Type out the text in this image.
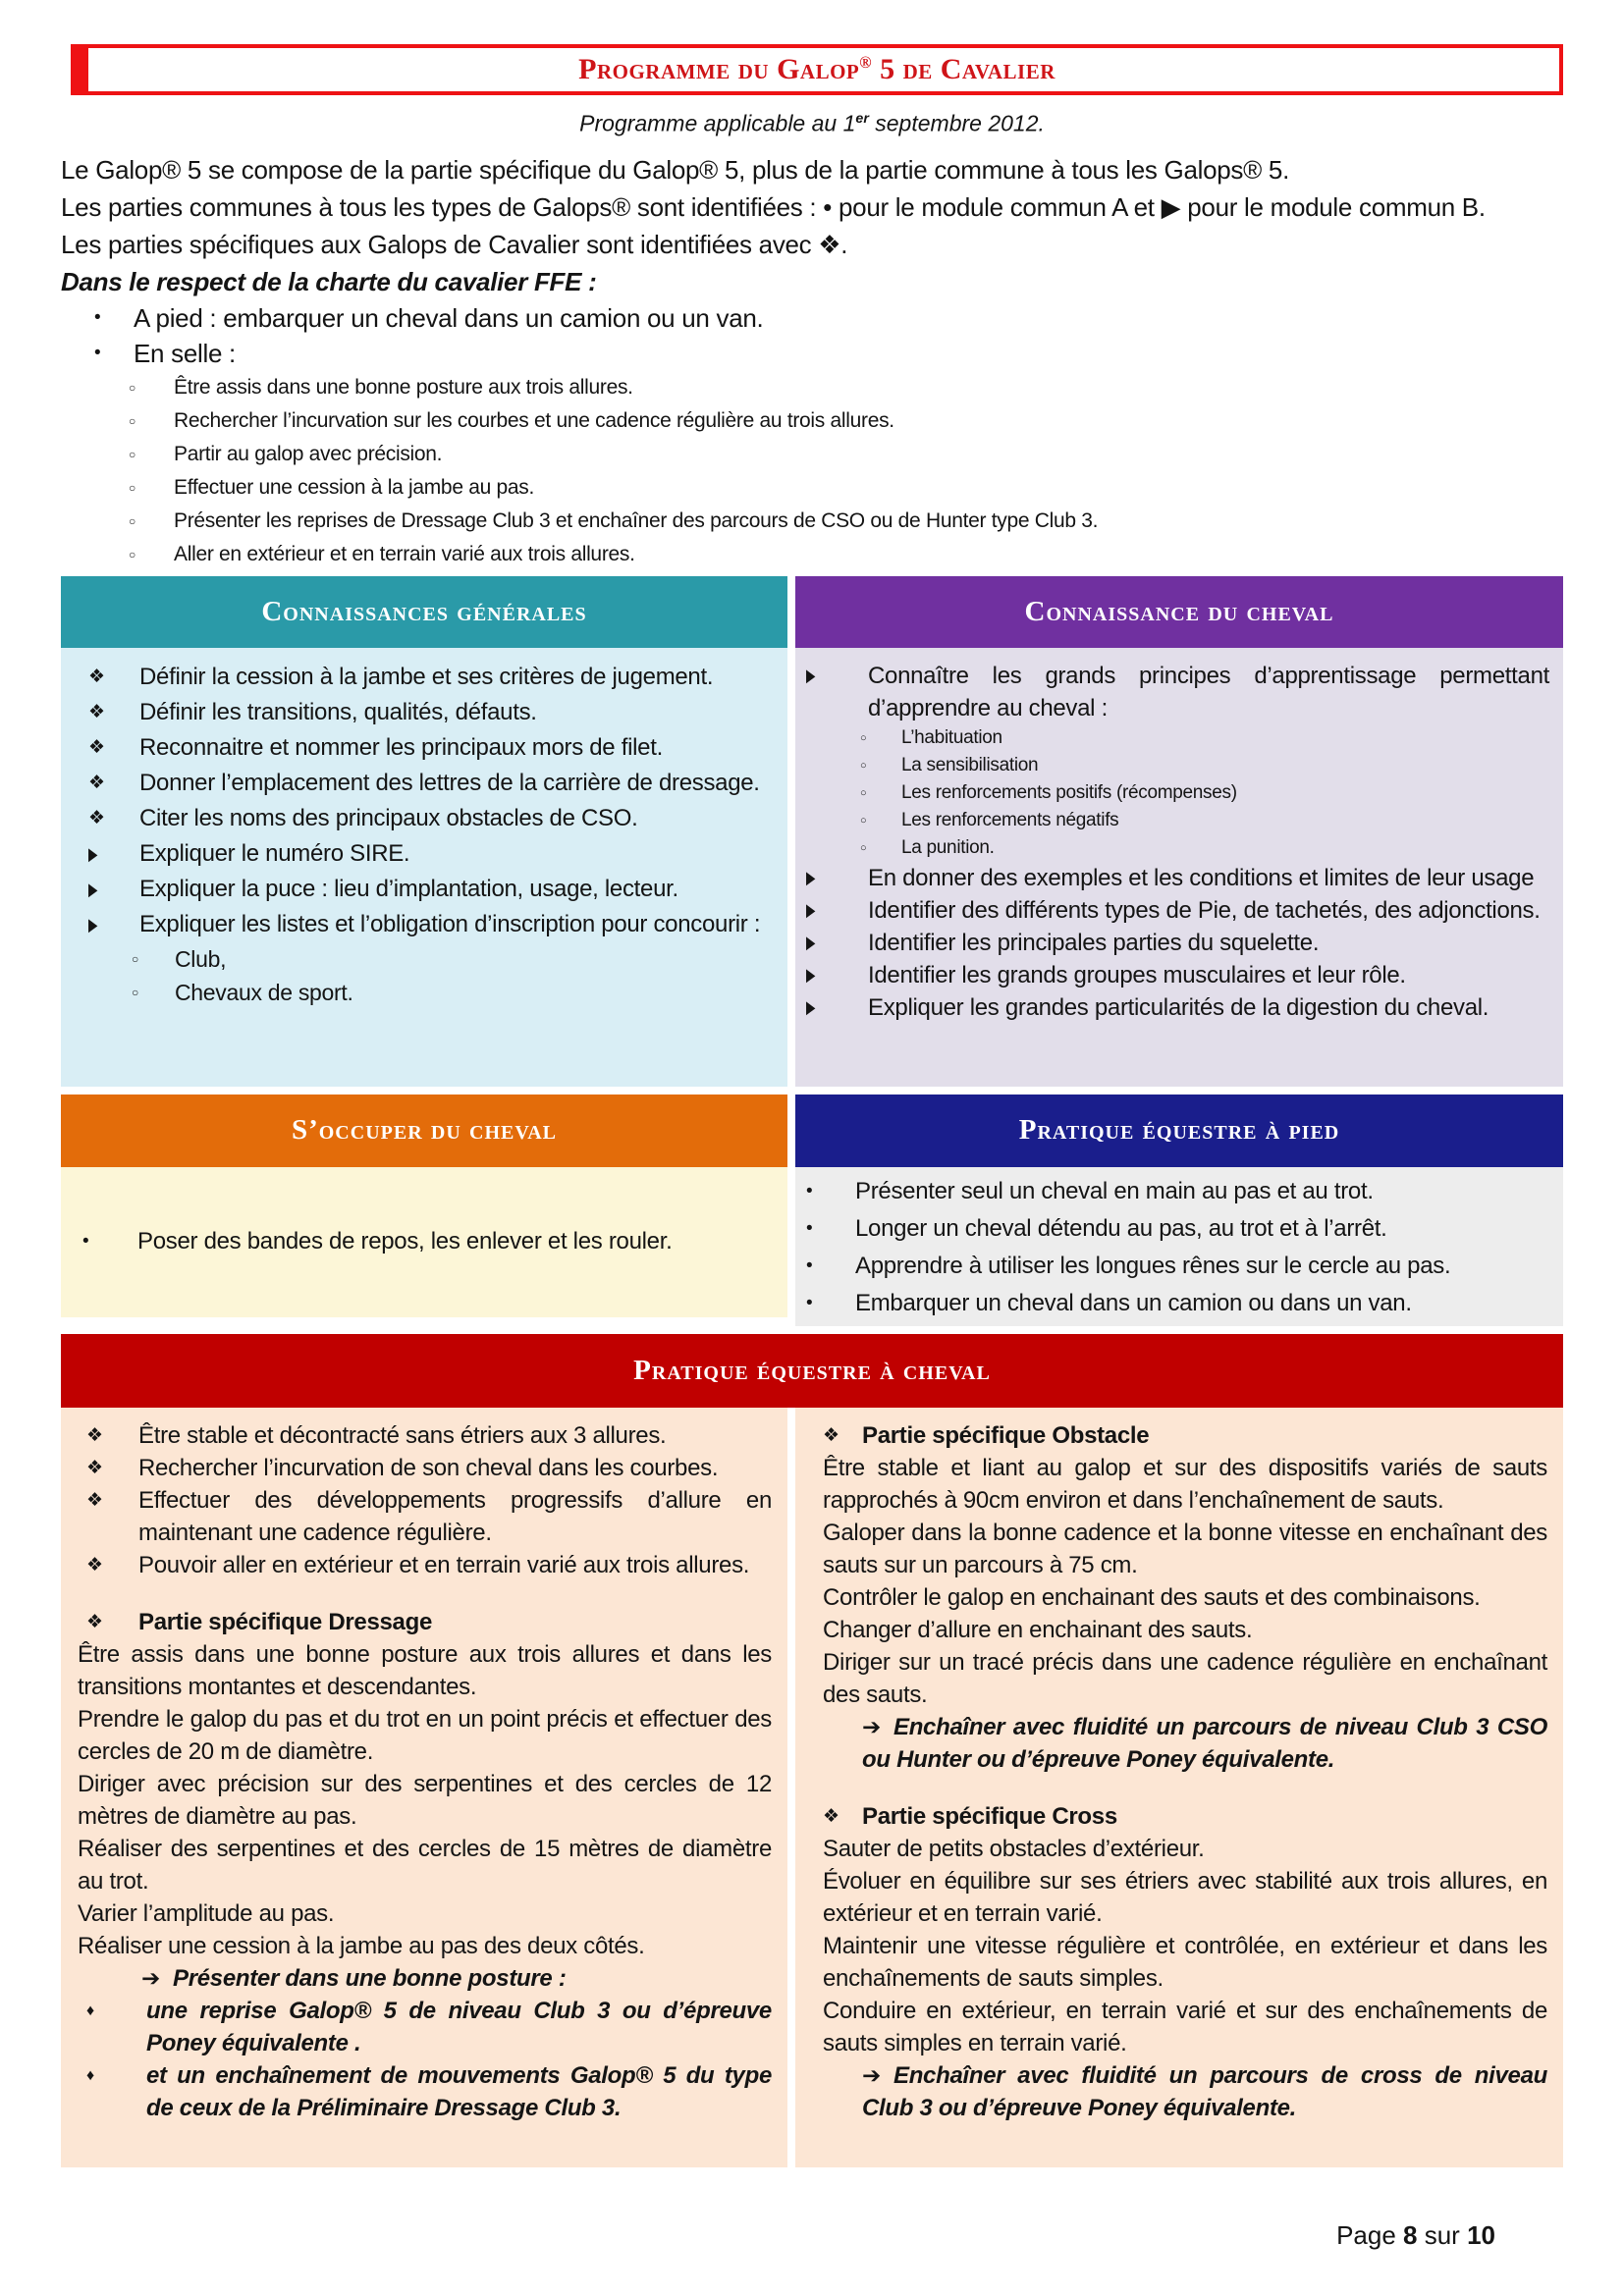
Programme du Galop® 5 de Cavalier
Programme applicable au 1er septembre 2012.

Le Galop® 5 se compose de la partie spécifique du Galop® 5, plus de la partie commune à tous les Galops® 5.

Les parties communes à tous les types de Galops® sont identifiées : • pour le module commun A et ▶ pour le module commun B.

Les parties spécifiques aux Galops de Cavalier sont identifiées avec ❖.

Dans le respect de la charte du cavalier FFE :

• A pied : embarquer un cheval dans un camion ou un van.
• En selle :
○ Être assis dans une bonne posture aux trois allures.
○ Rechercher l’incurvation sur les courbes et une cadence régulière au trois allures.
○ Partir au galop avec précision.
○ Effectuer une cession à la jambe au pas.
○ Présenter les reprises de Dressage Club 3 et enchaîner des parcours de CSO ou de Hunter type Club 3.
○ Aller en extérieur et en terrain varié aux trois allures.
Connaissances générales
❖ Définir la cession à la jambe et ses critères de jugement.
❖ Définir les transitions, qualités, défauts.
❖ Reconnaitre et nommer les principaux mors de filet.
❖ Donner l’emplacement des lettres de la carrière de dressage.
❖ Citer les noms des principaux obstacles de CSO.
▶ Expliquer le numéro SIRE.
▶ Expliquer la puce : lieu d’implantation, usage, lecteur.
▶ Expliquer les listes et l’obligation d’inscription pour concourir :
○ Club,
○ Chevaux de sport.
Connaissance du cheval
▶ Connaître les grands principes d’apprentissage permettant d’apprendre au cheval :
○ L’habituation
○ La sensibilisation
○ Les renforcements positifs (récompenses)
○ Les renforcements négatifs
○ La punition.
▶ En donner des exemples et les conditions et limites de leur usage
▶ Identifier des différents types de Pie, de tachetés, des adjonctions.
▶ Identifier les principales parties du squelette.
▶ Identifier les grands groupes musculaires et leur rôle.
▶ Expliquer les grandes particularités de la digestion du cheval.
S’occuper du cheval
• Poser des bandes de repos, les enlever et les rouler.
Pratique équestre à pied
• Présenter seul un cheval en main au pas et au trot.
• Longer un cheval détendu au pas, au trot et à l’arrêt.
• Apprendre à utiliser les longues rênes sur le cercle au pas.
• Embarquer un cheval dans un camion ou dans un van.
Pratique équestre à cheval
❖ Être stable et décontracté sans étriers aux 3 allures.
❖ Rechercher l’incurvation de son cheval dans les courbes.
❖ Effectuer des développements progressifs d’allure en maintenant une cadence régulière.
❖ Pouvoir aller en extérieur et en terrain varié aux trois allures.
❖ Partie spécifique Dressage
Être assis dans une bonne posture aux trois allures et dans les transitions montantes et descendantes.
Prendre le galop du pas et du trot en un point précis et effectuer des cercles de 20 m de diamètre.
Diriger avec précision sur des serpentines et des cercles de 12 mètres de diamètre au pas.
Réaliser des serpentines et des cercles de 15 mètres de diamètre au trot.
Varier l’amplitude au pas.
Réaliser une cession à la jambe au pas des deux côtés.
➔ Présenter dans une bonne posture :
♦ une reprise Galop® 5 de niveau Club 3 ou d’épreuve Poney équivalente .
♦ et un enchaînement de mouvements Galop® 5 du type de ceux de la Préliminaire Dressage Club 3.
❖ Partie spécifique Obstacle
Être stable et liant au galop et sur des dispositifs variés de sauts rapprochés à 90cm environ et dans l’enchaînement de sauts.
Galoper dans la bonne cadence et la bonne vitesse en enchaînant des sauts sur un parcours à 75 cm.
Contrôler le galop en enchainant des sauts et des combinaisons.
Changer d’allure en enchainant des sauts.
Diriger sur un tracé précis dans une cadence régulière en enchaînant des sauts.
➔ Enchaîner avec fluidité un parcours de niveau Club 3 CSO ou Hunter ou d’épreuve Poney équivalente.
❖ Partie spécifique Cross
Sauter de petits obstacles d’extérieur.
Évoluer en équilibre sur ses étriers avec stabilité aux trois allures, en extérieur et en terrain varié.
Maintenir une vitesse régulière et contrôlée, en extérieur et dans les enchaînements de sauts simples.
Conduire en extérieur, en terrain varié et sur des enchaînements de sauts simples en terrain varié.
➔ Enchaîner avec fluidité un parcours de cross de niveau Club 3 ou d’épreuve Poney équivalente.
Page 8 sur 10
